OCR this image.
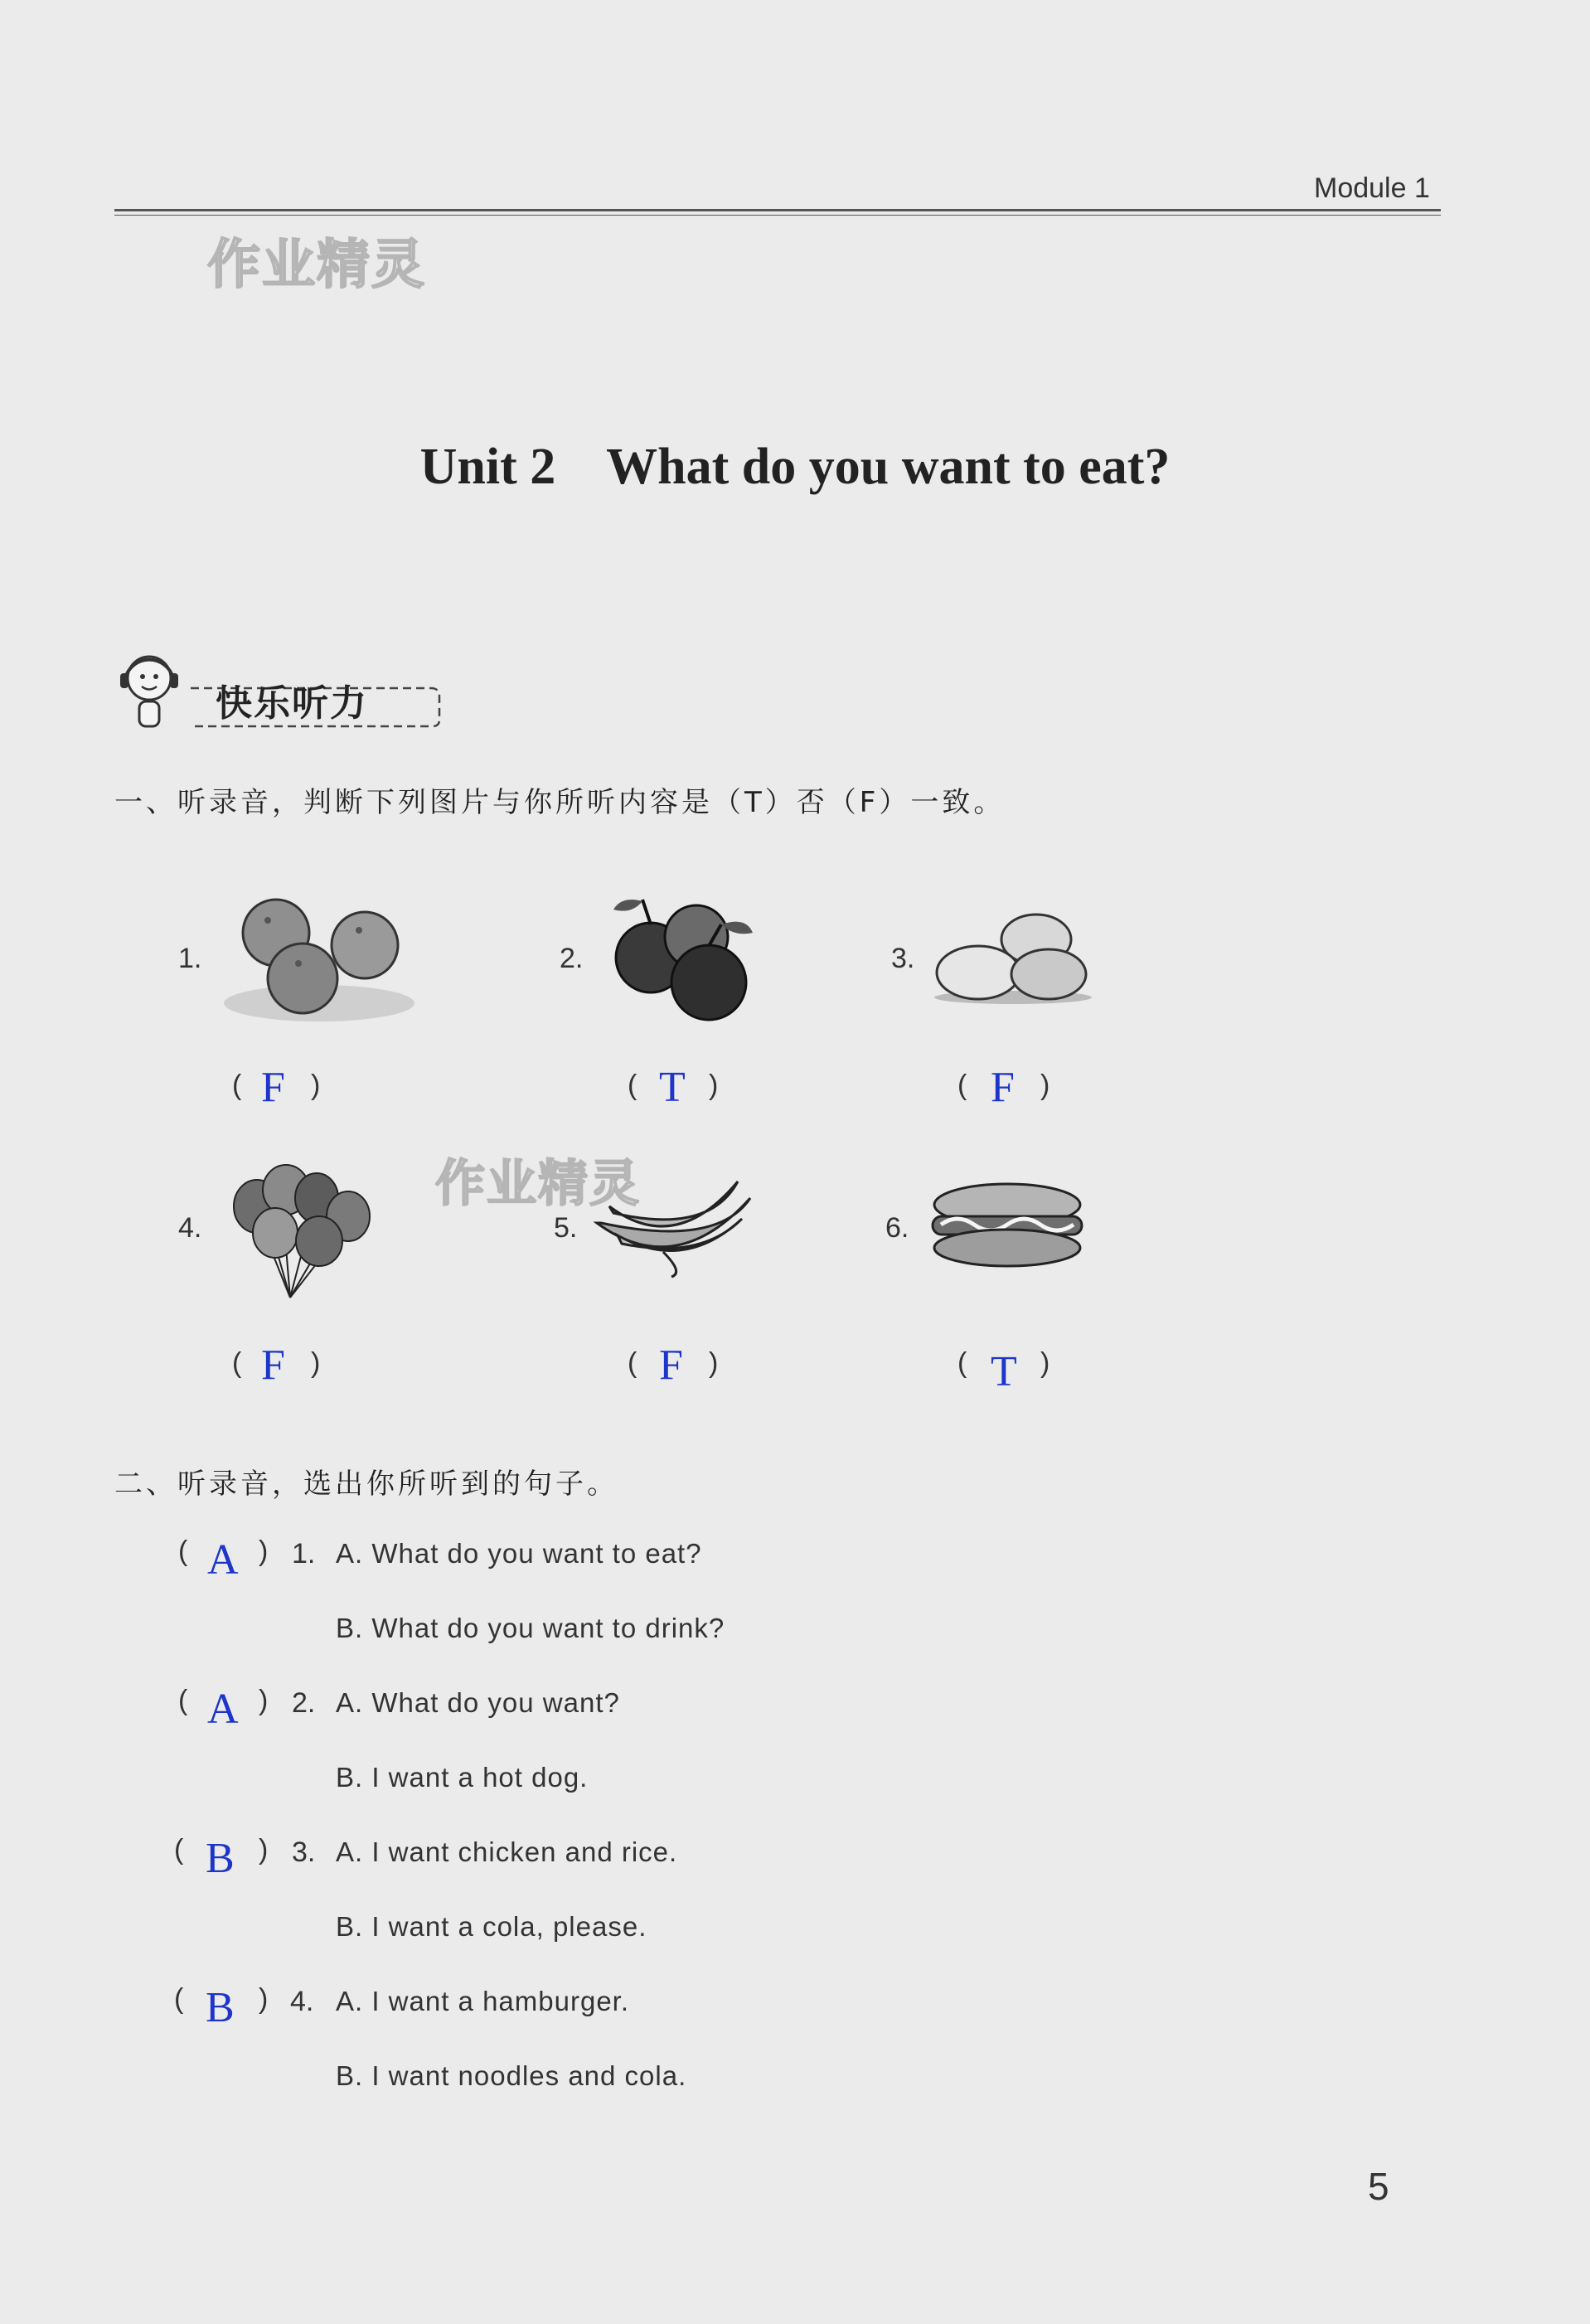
Module 1
作业精灵
作业精灵
Unit 2    What do you want to eat?
快乐听力
一、听录音，判断下列图片与你所听内容是（T）否（F）一致。
1.	2.	3.
4.	5.	6.
( F )	( T )	( F )
( F )	( F )	( T )
二、听录音，选出你所听到的句子。
( A ) 1. A. What do you want to eat?
B. What do you want to drink?
( A ) 2. A. What do you want?
B. I want a hot dog.
( B ) 3. A. I want chicken and rice.
B. I want a cola, please.
( B ) 4. A. I want a hamburger.
B. I want noodles and cola.
5
